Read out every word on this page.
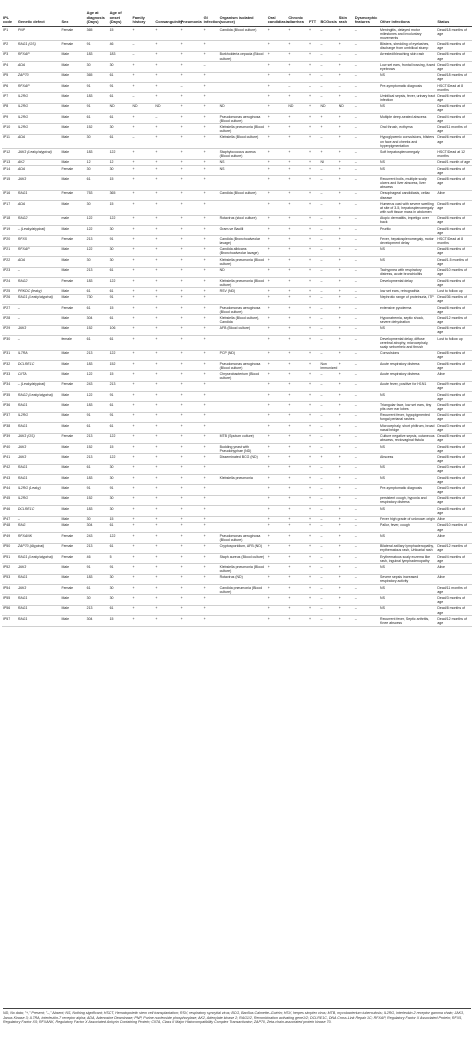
IPL code	Genetic defect	Sex	Age at diagnosis (Days)	Age of onset (Days)	Family history	Consanguinity	Pneumonia	GI infection	Organism isolated (source)	Oral candidiasis	Chronic diarrhea	FTT	BCGosis	Skin rash	Dysmorphic features	Other infections	Status
IP1	PNP	Female	365	15	+	+	+	+	Candida (Blood culture)	+	+	+	–	+	–	Meningitis, delayed motor milestones and involuntary movements	Dead/18 months of age
IP2	RAG1 (OS)	Female	91	46	–	+	+	+		+	+	+	–	+	–	Blisters, shedding of eyelashes, discharge from umbilical stump	Dead/6 months of age
IP3	RFXAP	Male	183	183	–	+	+	+	Burkholderia cepacia (Blood culture)	+	+	+	–	–	–	Arrested/bleaching skin rash	Dead/6 months of age
IP4	ADA	Male	30	30	+	+	+	–		+	+	+	–	+	–	Low set ears, frontal bossing, fused eyebrows	Dead/3 months of age
IP5	ZAP70	Male	365	61	+	+	+	+		+	+	+	–	+	–	NS	Dead/18 months of age
IP6	RFXAP	Male	91	91	+	+	–	+		+	–	–	–	–	–	Pre-symptomatic diagnosis	HSCT/Dead at 8 months
IP7	IL2RG	Male	183	61	–	+	+	+		+	+	+	–	+	–	Umbilical sepsis, fever, urinary tract infection	Dead/6 months of age
IP8	IL2RG	Male	91	ND	ND	ND	+	+	ND	+	ND	+	ND	ND	–	NS	Dead/6 months of age
IP9	IL2RG	Male	61	61	+	–	+	+	Pseudomonas aeruginosa (Blood culture)	+	+	+	+	+	–	Multiple deep-seated abscess	Dead/4 months of age
IP10	IL2RG	Male	152	30	+	+	+	+	Klebsiella pneumonia (Blood culture)	+	+	+	+	+	–	Oral thrush, ecthyma	Dead/11 months of age
IP11	ADA	Male	30	61	–	+	+	+	Klebsiella (Blood culture)	+	+	+	–	+	–	Hypoglycemic convulsions, blisters on face and cheeks and hyperpigmentation	Dead/6 months of age
IP12	JAK3 (Leaky/atypical)	Male	183	122	+	+	+	+	Staphylococcus aureus (Blood culture)	+	+	+	+	+	–	Soft hepatosplenomegaly	HSCT/Dead at 12 months
IP13	AK2	Male	12	12	+	+	+	+	NS	+	+	+	NI	+	–	NS	Dead/1 month of age
IP14	ADA	Female	30	30	+	+	+	+	NS	+	+	+	–	+	–	NS	Dead/6 months of age
IP15	JAK3	Male	61	15	+	+	+	+		+	+	+	–	+	–	Recurrent boils, multiple scalp ulcers and liver abscess, liver abscess	Dead/8 months of age
IP16	RAG1	Female	753	365	+	+	+	+	Candida (Blood culture)	+	+	+	–	+	–	Oesophageal candidiasis, celiac disease	Alive
IP17	ADA	Male	30	15	+	+	+	+		+	+	+	–	+	–	Humerus cast with severe swelling at site of 3-5, hepatosplenomegaly with soft tissue mass in abdomen	Dead/5 months of age
IP18	RAG2	male	122	122	+	+	+	+	Rotavirus (stool culture)	+	+	+	–	+	–	Atopic dermatitis, impetigo over back	Dead/6 months of age
IP19	– (Leaky/atypical)	Male	122	30	+	+	+	+	Gram-ve Bacilli	+	+	+	–	+	–	Pruritic	Dead/6 months of age
IP20	RFX5	Female	213	91	+	+	+	+	Candida (Bronchoalveolar lavage)	+	+	+	–	+	–	Fever, hepatosplenomegaly, motor development delay	HSCT/Dead at 8 months
IP21	RFXAP	Male	122	30	+	+	+	+	Candida albicans (Bronchoalveolar lavage)	+	+	+	–	+	–	NS	Dead/6 months of age
IP22	ADA	Male	30	30	+	+	+	+	Klebsiella pneumonia (Blood culture)	+	+	+	–	+	–	NS	Dead/1.5 months of age
IP23	–	Male	213	61	+	+	+	+	ND	+	+	+	–	+	–	Tachypnea with respiratory distress, acute bronchiolitis	Dead/10 months of age
IP24	RAG2	Female	183	122	+	+	+	+	Klebsiella pneumonia (Blood culture)	+	+	+	–	+	–	Developmental delay	Dead/6 months of age
IP25	PRKDC (leaky)	Male	61	61	+	+	+	+	RSV (ND)	+	+	+	–	+	–	low set ears, retrognathia	Lost to follow up
IP26	RAG1 (Leaky/atypical)	Male	730	91	+	+	+	+		+	+	+	–	+	–	Nephrotic range of proteinuria, ITP	Dead/36 months of age
IP27	–	Female	61	15	+	+	+	+	Pseudomonas aeruginosa (Blood culture)	+	+	+	–	+	–	extensive pyoderma	Dead/6 months of age
IP28	–	Male	304	61	+	+	+	+	Klebsiella (Blood culture), Candida	+	+	+	–	+	–	Hyponatremia, septic shock, severe dehydration	Dead/12 months of age
IP29	JAK3	Male	152	106	+	+	+	+	AFB (Blood culture)	+	+	+	–	+	–	NS	Dead/6 months of age
IP30	–	female	61	61	+	+	+	+		+	+	+	–	+	–	Developmental delay, diffuse cerebral atrophy, microcephaly, scalp seborrheic and thrush	Lost to follow up
IP31	IL7RA	Male	213	122	+	+	+	+	PCP (ND)	+	+	+	–	+	–	Convulsions	Dead/8 months of age
IP32	DCLRE1C	Male	183	152	+	+	+	+	Pseudomonas aeruginosa (Blood culture)	+	+	+	Non immunized	+	–	Acute respiratory distress	Dead/6 months of age
IP33	CIITA	Male	122	15	+	+	+	+	Chryseobacterium (Blood culture)	+	+	+	–	+	–	Acute respiratory distress	Alive
IP34	– (Leaky/atypical)	Female	243	213	+	+	+	+		+	+	+	–	+	–	Acute fever, positive for H1N1	Dead/9 months of age
IP35	RAG2 (Leaky/atypical)	Male	122	91	+	+	+	+		+	+	+	–	+	–	NS	Dead/4 months of age
IP36	RAG1	Male	183	61	+	+	+	+		+	+	+	–	+	–	Triangular face, low set ears, tiny pits over ear lobes	Dead/5 months of age
IP37	IL2RG	Male	91	91	+	+	+	+		+	+	+	–	+	–	Recurrent fever, hypopigmented fungal perianal rashes	Dead/4 months of age
IP38	RAG1	Male	61	61	+	+	+	+		+	+	+	–	+	–	Microcephaly, short philtrum, broad nasal bridge	Dead/3 months of age
IP39	JAK3 (OS)	Female	213	122	+	+	+	+	MTB (Sputum culture)	+	+	+	–	+	–	Culture negative sepsis, cutaneous abscess, rectovaginal fistula	Dead/8 months of age
IP40	JAK3	Male	152	15	+	+	+	+	Budding yeast with Pseudohyphae (ND)	+	+	+	–	+	–	NS	Dead/6 months of age
IP41	JAK3	Male	213	122	+	+	+	+	Disseminated BCG (ND)	+	+	+	+	+	–	Abscess	Dead/8 months of age
IP42	RAG1	Male	61	30	+	+	+	+		+	+	+	–	+	–	NS	Dead/3 months of age
IP43	RAG1	Male	183	30	+	+	+	+	Klebsiella pneumonia	+	+	+	–	+	–	NS	Dead/6 months of age
IP44	IL2RG (Leaky)	Male	91	91	+	+	+	+		+	+	+	–	+	–	Pre-symptomatic diagnosis	Dead/3 months of age
IP45	IL2RG	Male	152	30	+	+	+	+		+	+	+	–	+	–	persistent cough, hypoxia and respiratory distress	Dead/6 months of age
IP46	DCLRE1C	Male	183	30	+	+	+	+		+	+	+	–	+	–	NS	Dead/8 months of age
IP47	–	Male	30	15	+	+	+	+		+	+	+	–	+	–	Fever high grade of unknown origin	Alive
IP48	RAG	Male	304	61	+	+	+	+		+	+	+	–	+	–	Pallor, fever, cough	Dead/10 months of age
IP49	RFXANK	Female	243	122	+	+	+	+	Pseudomonas aeruginosa (Blood culture)	+	+	+	–	+	–	NS	Alive
IP50	ZAP70 (Atypical)	Female	213	61	+	+	+	+	Cryptosporidium, AFB (ND)	+	+	+	–	+	–	Bilateral axillary lymphadenopathy, erythematous rash, Urticarial rash	Dead/12 months of age
IP51	RAG1 (Leaky/atypical)	Female	46	5	+	+	+	+	Staph aureus (Blood culture)	+	+	+	–	+	–	Erythematous scaly eczema like rash, inguinal lymphadenopathy	Dead/4 months of age
IP52	JAK3	Male	91	91	+	+	+	+	Klebsiella pneumonia (Blood culture)	+	+	+	–	+	–	NS	Alive
IP53	RAG1	Male	183	30	+	+	+	+	Rotavirus (ND)	+	+	+	–	+	–	Severe sepsis increased respiratory activity	Alive
IP54	JAK3	Female	61	30	+	+	+	+	Candida pneumonia (Blood culture)	+	+	+	–	+	–	NS	Dead/11 months of age
IP55	RAG1	Male	30	30	+	+	+	+		+	+	+	–	+	–	NS	Dead/3 months of age
IP56	RAG1	Male	213	61	+	+	+	+		+	+	+	–	+	–	NS	Dead/8 months of age
IP57	RAG1	Male	304	15	+	+	+	+		+	+	+	–	+	–	Recurrent fever, Septic arthritis, Knee abscess	Dead/12 months of age
ND, No data; "+," Present; "–," Absent; NS, Nothing significant; HSCT, Hematopoietic stem cell transplantation; RSV, respiratory syncytial virus; BCG, Bacillus Calmette–Guérin; HSV, herpes simplex virus; MTB, mycobacterium tuberculosis; IL2RG, interleukin-2 receptor gamma chain; JAK3, Janus Kinase 3; IL7RA, interleukin-7 receptor alpha; ADA, Adenosine Deaminase; PNP, Purine nucleoside phosphorylase; AK2, Adenylate kinase 2; RAG1/2, Recombination activating gene1/2; DCLRE1C, DNA Cross-Link Repair 1C; RFXAP, Regulatory Factor X Associated Protein; RFX5, Regulatory Factor X5; RFXANK, Regulatory Factor X Associated Ankyrin Containing Protein; CIITA, Class II Major Histocompatibility Complex Transactivator; ZAP70, Zeta-chain-associated protein kinase 70.
